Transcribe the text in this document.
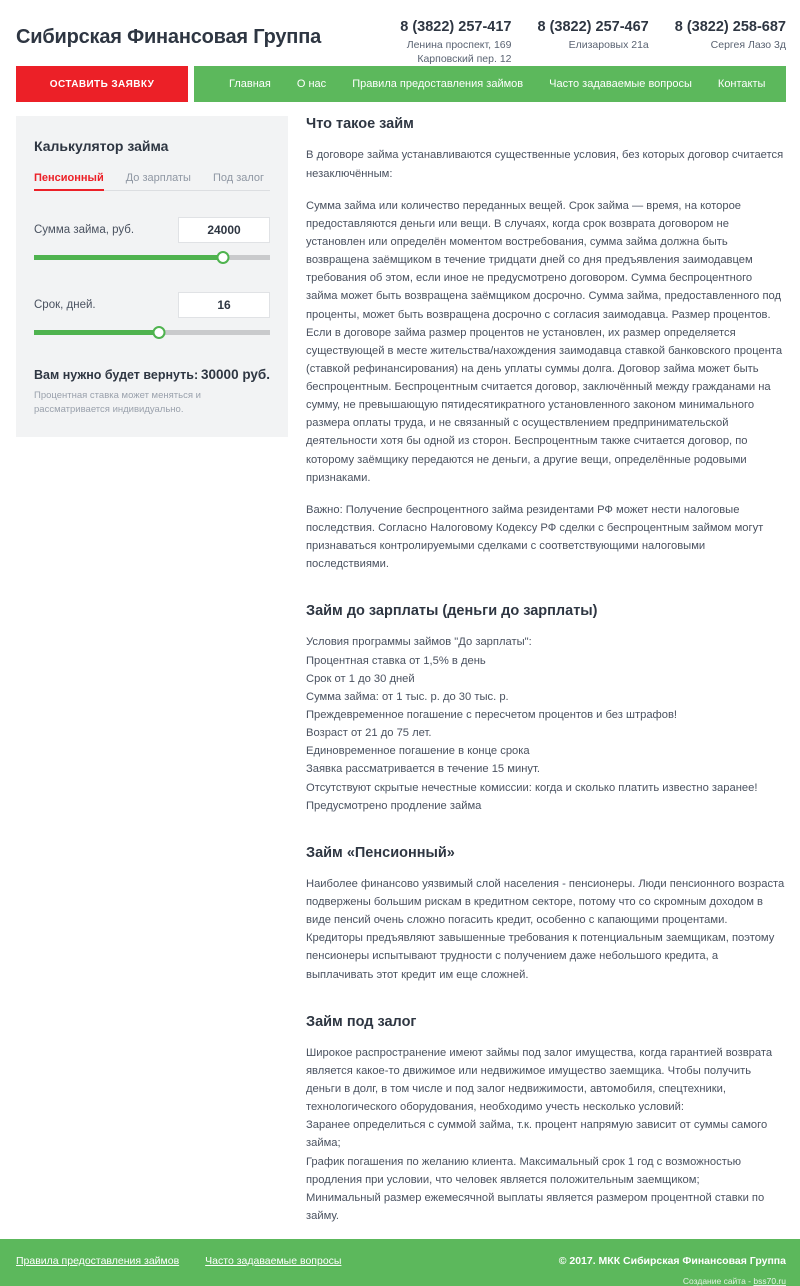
Сибирская Финансовая Группа	8 (3822) 257-417
Ленина проспект, 169
Карповский пер. 12
8 (3822) 257-467
Елизаровых 21а
8 (3822) 258-687
Сергея Лазо 3д
ОСТАВИТЬ ЗАЯВКУ	Главная	О нас	Правила предоставления займов	Часто задаваемые вопросы	Контакты
Калькулятор займа
Пенсионный До зарплаты Под залог
Сумма займа, руб.	24000
Срок, дней.	16
Вам нужно будет вернуть: 30000 руб.
Процентная ставка может меняться и рассматривается индивидуально.
Что такое займ

В договоре займа устанавливаются существенные условия, без которых договор считается незаключённым:

Сумма займа или количество переданных вещей. Срок займа — время, на которое предоставляются деньги или вещи. В случаях, когда срок возврата договором не установлен или определён моментом востребования, сумма займа должна быть возвращена заёмщиком в течение тридцати дней со дня предъявления заимодавцем требования об этом, если иное не предусмотрено договором. Сумма беспроцентного займа может быть возвращена заёмщиком досрочно. Сумма займа, предоставленного под проценты, может быть возвращена досрочно с согласия заимодавца. Размер процентов. Если в договоре займа размер процентов не установлен, их размер определяется существующей в месте жительства/нахождения заимодавца ставкой банковского процента (ставкой рефинансирования) на день уплаты суммы долга. Договор займа может быть беспроцентным. Беспроцентным считается договор, заключённый между гражданами на сумму, не превышающую пятидесятикратного установленного законом минимального размера оплаты труда, и не связанный с осуществлением предпринимательской деятельности хотя бы одной из сторон. Беспроцентным также считается договор, по которому заёмщику передаются не деньги, а другие вещи, определённые родовыми признаками.

Важно: Получение беспроцентного займа резидентами РФ может нести налоговые последствия. Согласно Налоговому Кодексу РФ сделки с беспроцентным займом могут признаваться контролируемыми сделками с соответствующими налоговыми последствиями.

Займ до зарплаты (деньги до зарплаты)
Условия программы займов "До зарплаты":
Процентная ставка от 1,5% в день
Срок от 1 до 30 дней
Сумма займа: от 1 тыс. р. до 30 тыс. р.
Преждевременное погашение с пересчетом процентов и без штрафов!
Возраст от 21 до 75 лет.
Единовременное погашение в конце срока
Заявка рассматривается в течение 15 минут.
Отсутствуют скрытые нечестные комиссии: когда и сколько платить известно заранее!
Предусмотрено продление займа
Займ «Пенсионный»

Наиболее финансово уязвимый слой населения - пенсионеры. Люди пенсионного возраста подвержены большим рискам в кредитном секторе, потому что со скромным доходом в виде пенсий очень сложно погасить кредит, особенно с капающими процентами. Кредиторы предъявляют завышенные требования к потенциальным заемщикам, поэтому пенсионеры испытывают трудности с получением даже небольшого кредита, а выплачивать этот кредит им еще сложней.

Займ под залог

Широкое распространение имеют займы под залог имущества, когда гарантией возврата является какое-то движимое или недвижимое имущество заемщика. Чтобы получить деньги в долг, в том числе и под залог недвижимости, автомобиля, спецтехники, технологического оборудования, необходимо учесть несколько условий:

Заранее определиться с суммой займа, т.к. процент напрямую зависит от суммы самого займа;
График погашения по желанию клиента. Максимальный срок 1 год с возможностью продления при условии, что человек является положительным заемщиком;
Минимальный размер ежемесячной выплаты является размером процентной ставки по займу.
Правила предоставления займов Часто задаваемые вопросы	© 2017. МКК Сибирская Финансовая Группа
Создание сайта - bss70.ru
